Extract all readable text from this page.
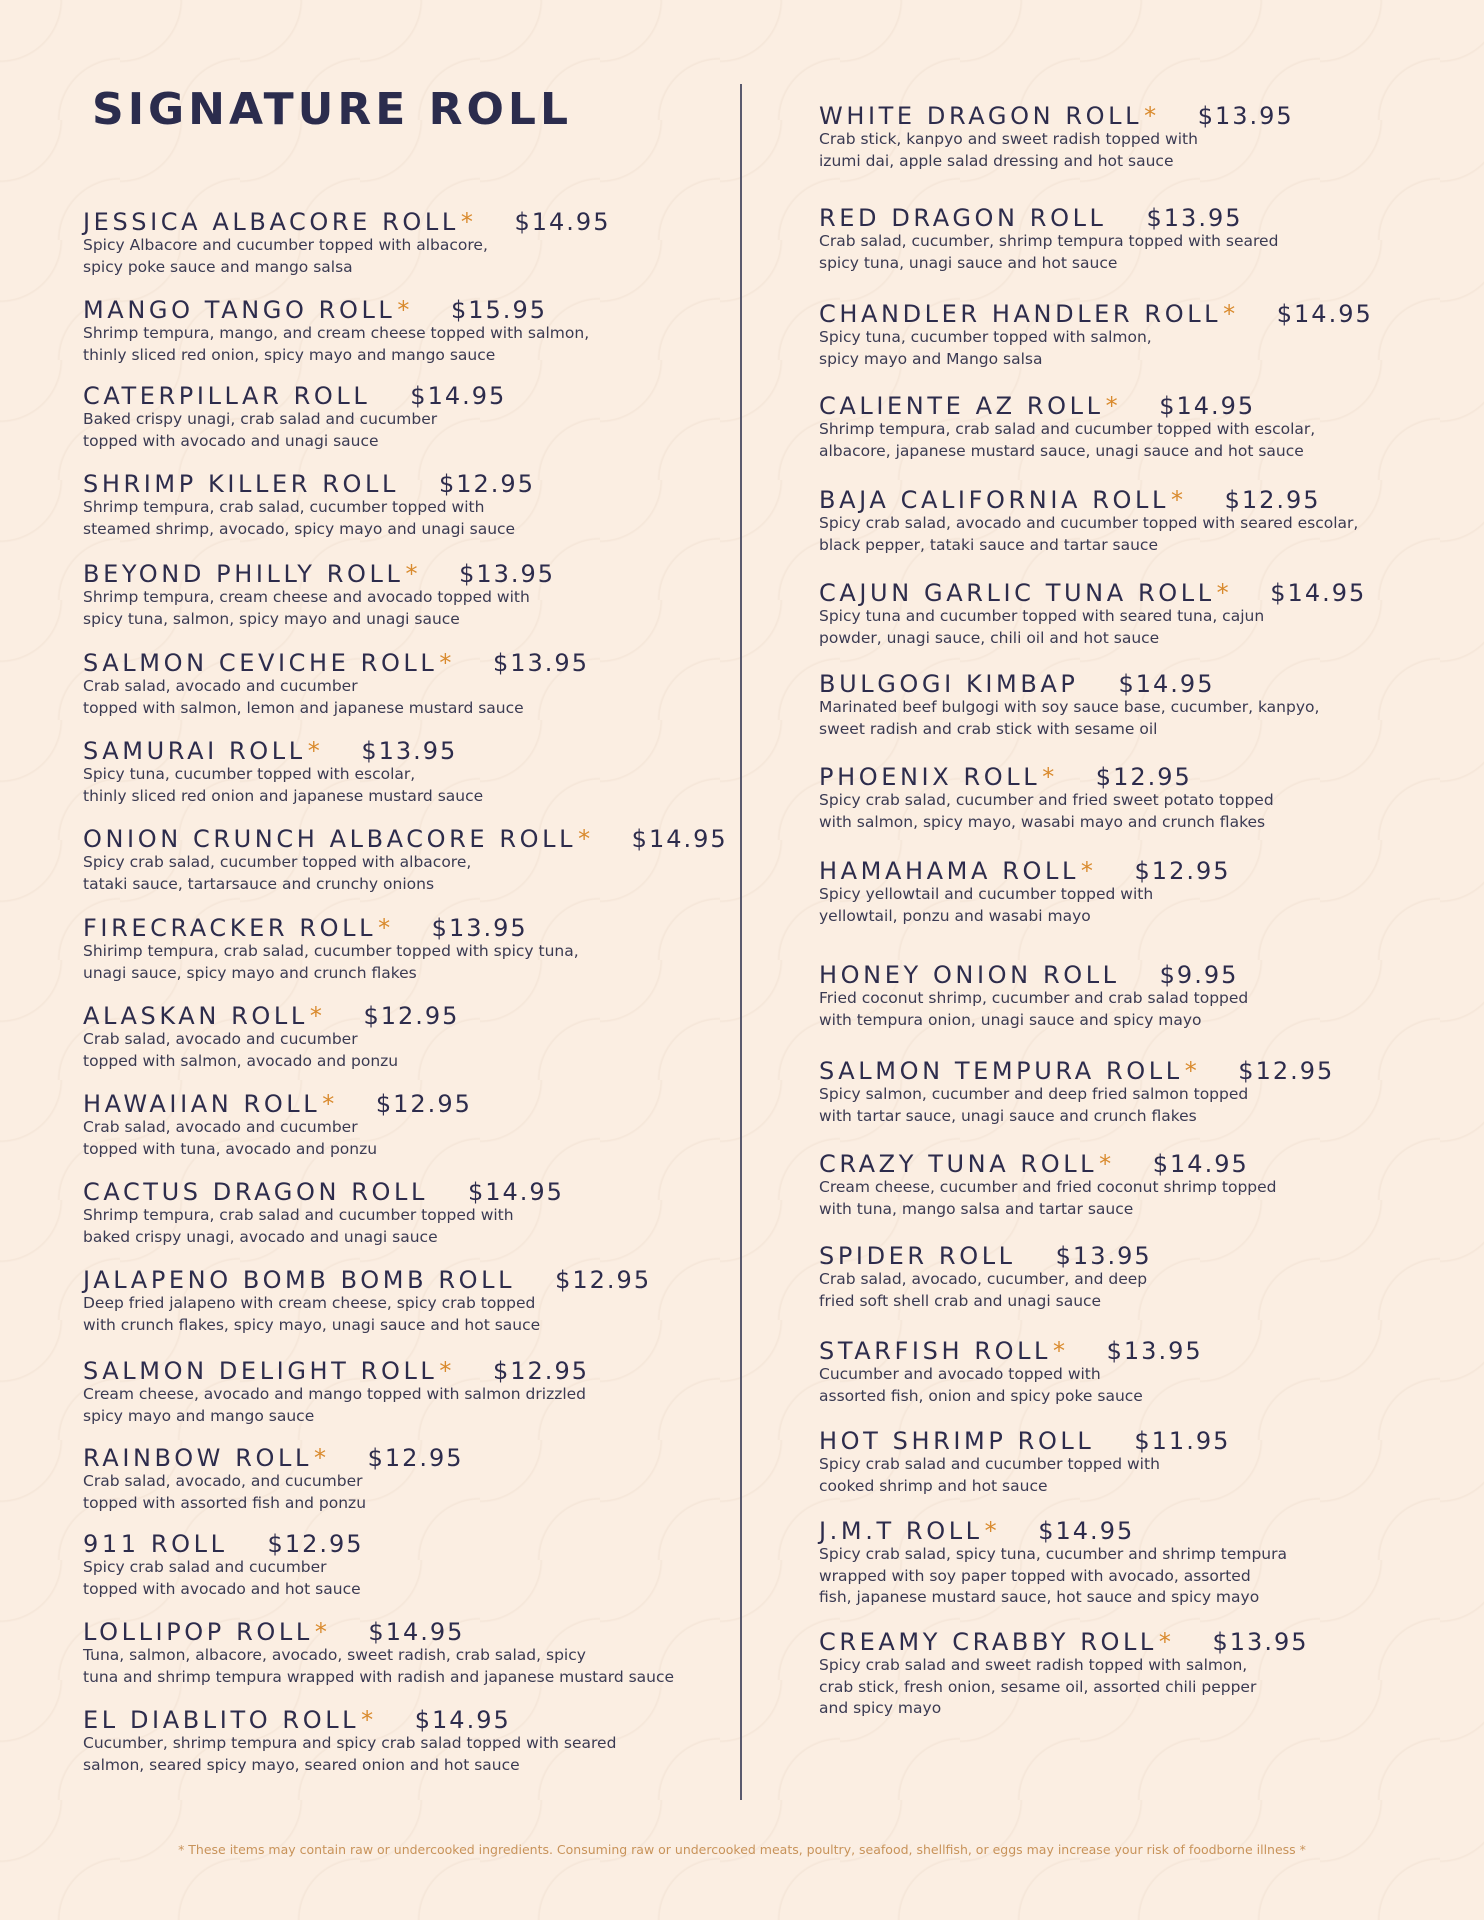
SIGNATURE ROLL
JESSICA ALBACORE ROLL* $14.95
Spicy Albacore and cucumber topped with albacore,
spicy poke sauce and mango salsa
MANGO TANGO ROLL* $15.95
Shrimp tempura, mango, and cream cheese topped with salmon,
thinly sliced red onion, spicy mayo and mango sauce
CATERPILLAR ROLL $14.95
Baked crispy unagi, crab salad and cucumber
topped with avocado and unagi sauce
SHRIMP KILLER ROLL $12.95
Shrimp tempura, crab salad, cucumber topped with
steamed shrimp, avocado, spicy mayo and unagi sauce
BEYOND PHILLY ROLL* $13.95
Shrimp tempura, cream cheese and avocado topped with
spicy tuna, salmon, spicy mayo and unagi sauce
SALMON CEVICHE ROLL* $13.95
Crab salad, avocado and cucumber
topped with salmon, lemon and japanese mustard sauce
SAMURAI ROLL* $13.95
Spicy tuna, cucumber topped with escolar,
thinly sliced red onion and japanese mustard sauce
ONION CRUNCH ALBACORE ROLL* $14.95
Spicy crab salad, cucumber topped with albacore,
tataki sauce, tartarsauce and crunchy onions
FIRECRACKER ROLL* $13.95
Shirimp tempura, crab salad, cucumber topped with spicy tuna,
unagi sauce, spicy mayo and crunch flakes
ALASKAN ROLL* $12.95
Crab salad, avocado and cucumber
topped with salmon, avocado and ponzu
HAWAIIAN ROLL* $12.95
Crab salad, avocado and cucumber
topped with tuna, avocado and ponzu
CACTUS DRAGON ROLL $14.95
Shrimp tempura, crab salad and cucumber topped with
baked crispy unagi, avocado and unagi sauce
JALAPENO BOMB BOMB ROLL $12.95
Deep fried jalapeno with cream cheese, spicy crab topped
with crunch flakes, spicy mayo, unagi sauce and hot sauce
SALMON DELIGHT ROLL* $12.95
Cream cheese, avocado and mango topped with salmon drizzled
spicy mayo and mango sauce
RAINBOW ROLL* $12.95
Crab salad, avocado, and cucumber
topped with assorted fish and ponzu
911 ROLL $12.95
Spicy crab salad and cucumber
topped with avocado and hot sauce
LOLLIPOP ROLL* $14.95
Tuna, salmon, albacore, avocado, sweet radish, crab salad, spicy
tuna and shrimp tempura wrapped with radish and japanese mustard sauce
EL DIABLITO ROLL* $14.95
Cucumber, shrimp tempura and spicy crab salad topped with seared
salmon, seared spicy mayo, seared onion and hot sauce
WHITE DRAGON ROLL* $13.95
Crab stick, kanpyo and sweet radish topped with
izumi dai, apple salad dressing and hot sauce
RED DRAGON ROLL $13.95
Crab salad, cucumber, shrimp tempura topped with seared
spicy tuna, unagi sauce and hot sauce
CHANDLER HANDLER ROLL* $14.95
Spicy tuna, cucumber topped with salmon,
spicy mayo and Mango salsa
CALIENTE AZ ROLL* $14.95
Shrimp tempura, crab salad and cucumber topped with escolar,
albacore, japanese mustard sauce, unagi sauce and hot sauce
BAJA CALIFORNIA ROLL* $12.95
Spicy crab salad, avocado and cucumber topped with seared escolar,
black pepper, tataki sauce and tartar sauce
CAJUN GARLIC TUNA ROLL* $14.95
Spicy tuna and cucumber topped with seared tuna, cajun
powder, unagi sauce, chili oil and hot sauce
BULGOGI KIMBAP $14.95
Marinated beef bulgogi with soy sauce base, cucumber, kanpyo,
sweet radish and crab stick with sesame oil
PHOENIX ROLL* $12.95
Spicy crab salad, cucumber and fried sweet potato topped
with salmon, spicy mayo, wasabi mayo and crunch flakes
HAMAHAMA ROLL* $12.95
Spicy yellowtail and cucumber topped with
yellowtail, ponzu and wasabi mayo
HONEY ONION ROLL $9.95
Fried coconut shrimp, cucumber and crab salad topped
with tempura onion, unagi sauce and spicy mayo
SALMON TEMPURA ROLL* $12.95
Spicy salmon, cucumber and deep fried salmon topped
with tartar sauce, unagi sauce and crunch flakes
CRAZY TUNA ROLL* $14.95
Cream cheese, cucumber and fried coconut shrimp topped
with tuna, mango salsa and tartar sauce
SPIDER ROLL $13.95
Crab salad, avocado, cucumber, and deep
fried soft shell crab and unagi sauce
STARFISH ROLL* $13.95
Cucumber and avocado topped with
assorted fish, onion and spicy poke sauce
HOT SHRIMP ROLL $11.95
Spicy crab salad and cucumber topped with
cooked shrimp and hot sauce
J.M.T ROLL* $14.95
Spicy crab salad, spicy tuna, cucumber and shrimp tempura
wrapped with soy paper topped with avocado, assorted
fish, japanese mustard sauce, hot sauce and spicy mayo
CREAMY CRABBY ROLL* $13.95
Spicy crab salad and sweet radish topped with salmon,
crab stick, fresh onion, sesame oil, assorted chili pepper
and spicy mayo
* These items may contain raw or undercooked ingredients. Consuming raw or undercooked meats, poultry, seafood, shellfish, or eggs may increase your risk of foodborne illness *
